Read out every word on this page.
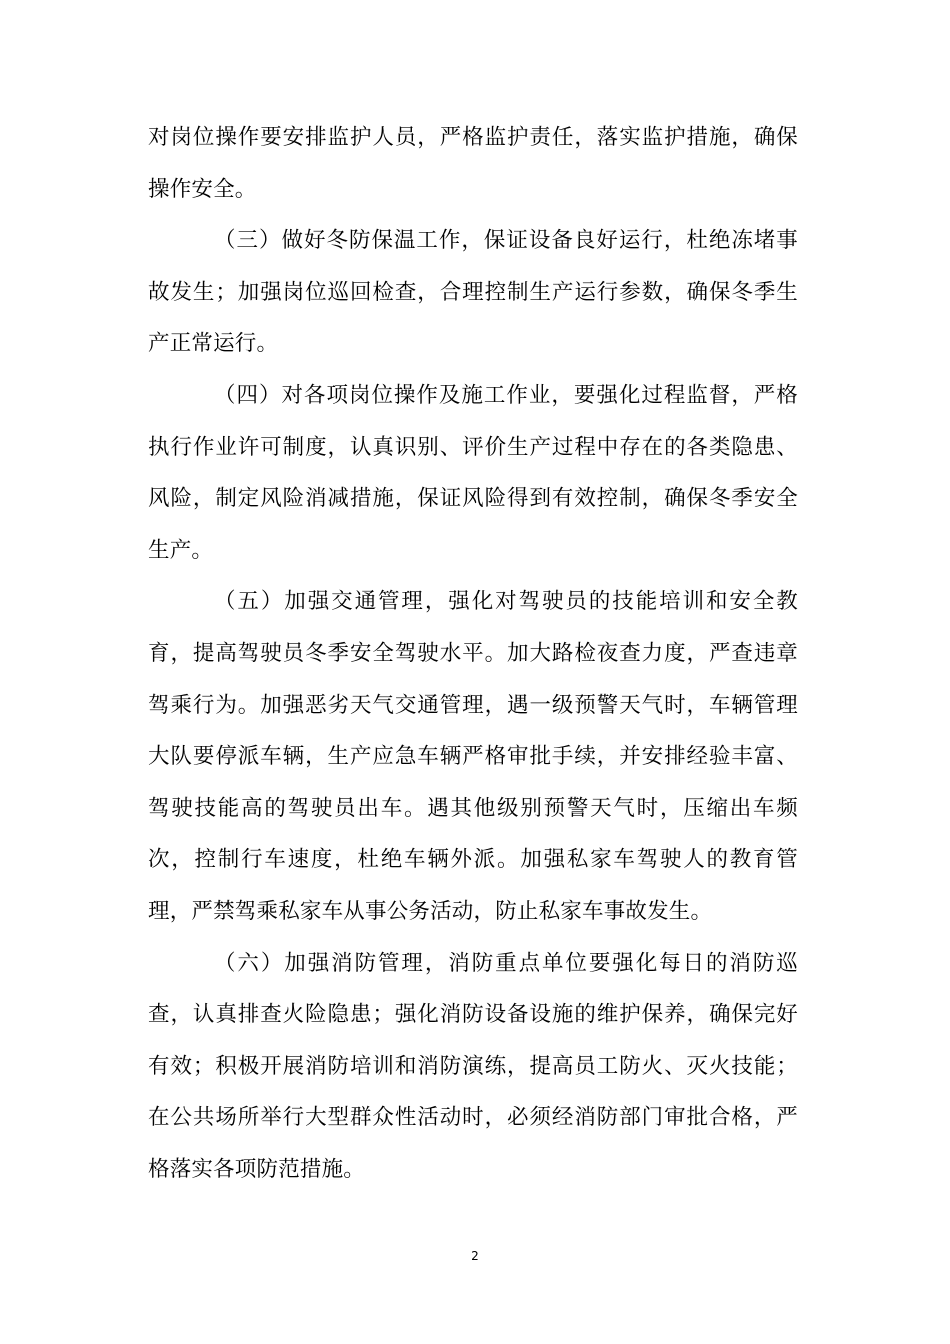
对岗位操作要安排监护人员，严格监护责任，落实监护措施，确保操作安全。

（三）做好冬防保温工作，保证设备良好运行，杜绝冻堵事故发生；加强岗位巡回检查，合理控制生产运行参数，确保冬季生产正常运行。

（四）对各项岗位操作及施工作业，要强化过程监督，严格执行作业许可制度，认真识别、评价生产过程中存在的各类隐患、风险，制定风险消减措施，保证风险得到有效控制，确保冬季安全生产。

（五）加强交通管理，强化对驾驶员的技能培训和安全教育，提高驾驶员冬季安全驾驶水平。加大路检夜查力度，严查违章驾乘行为。加强恶劣天气交通管理，遇一级预警天气时，车辆管理大队要停派车辆，生产应急车辆严格审批手续，并安排经验丰富、驾驶技能高的驾驶员出车。遇其他级别预警天气时，压缩出车频次，控制行车速度，杜绝车辆外派。加强私家车驾驶人的教育管理，严禁驾乘私家车从事公务活动，防止私家车事故发生。

（六）加强消防管理，消防重点单位要强化每日的消防巡查，认真排查火险隐患；强化消防设备设施的维护保养，确保完好有效；积极开展消防培训和消防演练，提高员工防火、灭火技能；在公共场所举行大型群众性活动时，必须经消防部门审批合格，严格落实各项防范措施。

2
